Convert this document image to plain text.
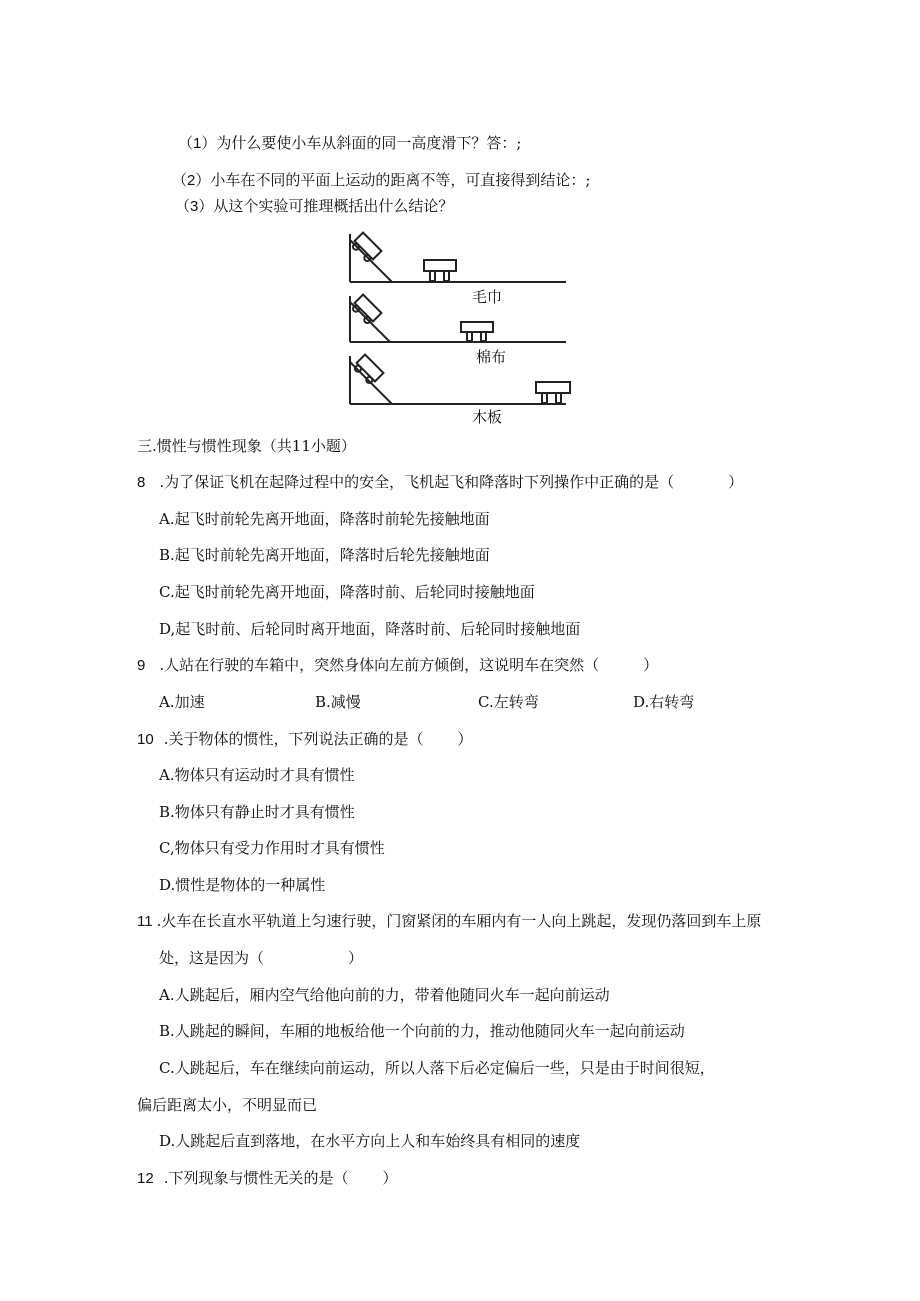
（1）为什么要使小车从斜面的同一高度滑下？答：;
（2）小车在不同的平面上运动的距离不等，可直接得到结论：;
（3）从这个实验可推理概括出什么结论？
毛巾
棉布
木板
三.惯性与惯性现象（共11小题）
8 .为了保证飞机在起降过程中的安全，飞机起飞和降落时下列操作中正确的是（	）
A.起飞时前轮先离开地面，降落时前轮先接触地面
B.起飞时前轮先离开地面，降落时后轮先接触地面
C.起飞时前轮先离开地面，降落时前、后轮同时接触地面
D,起飞时前、后轮同时离开地面，降落时前、后轮同时接触地面
9 .人站在行驶的车箱中，突然身体向左前方倾倒，这说明车在突然（	）
A.加速	B.减慢	C.左转弯	D.右转弯
10 .关于物体的惯性，下列说法正确的是（ ）
A.物体只有运动时才具有惯性
B.物体只有静止时才具有惯性
C,物体只有受力作用时才具有惯性
D.惯性是物体的一种属性
11 .火车在长直水平轨道上匀速行驶，门窗紧闭的车厢内有一人向上跳起，发现仍落回到车上原
处，这是因为（	）
A.人跳起后，厢内空气给他向前的力，带着他随同火车一起向前运动
B.人跳起的瞬间，车厢的地板给他一个向前的力，推动他随同火车一起向前运动
C.人跳起后，车在继续向前运动，所以人落下后必定偏后一些，只是由于时间很短，
偏后距离太小，不明显而已
D.人跳起后直到落地，在水平方向上人和车始终具有相同的速度
12 .下列现象与惯性无关的是（ ）
